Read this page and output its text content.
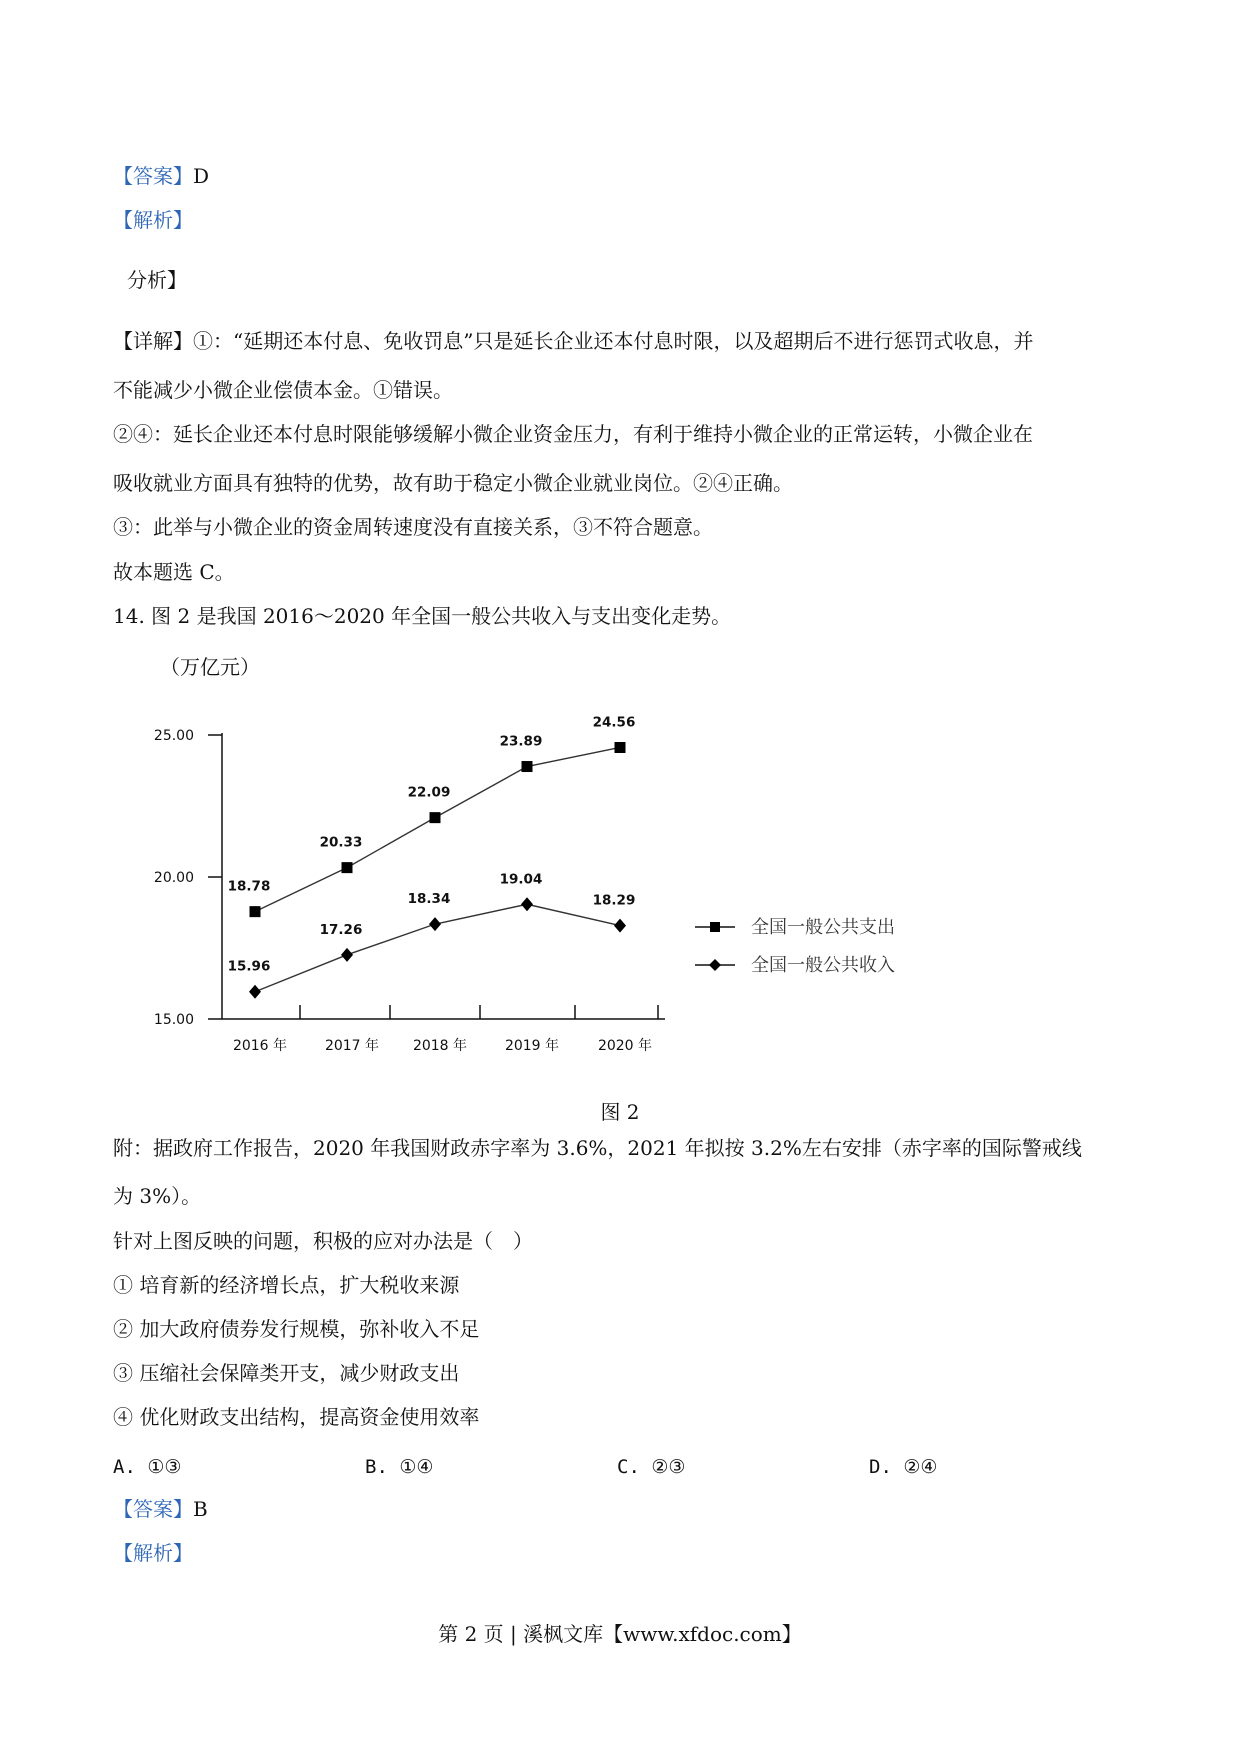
【答案】D
【解析】
分析】
【详解】①：“延期还本付息、免收罚息”只是延长企业还本付息时限，以及超期后不进行惩罚式收息，并
不能减少小微企业偿债本金。①错误。
②④：延长企业还本付息时限能够缓解小微企业资金压力，有利于维持小微企业的正常运转，小微企业在
吸收就业方面具有独特的优势，故有助于稳定小微企业就业岗位。②④正确。
③：此举与小微企业的资金周转速度没有直接关系，③不符合题意。
故本题选 C。
14. 图 2 是我国 2016～2020 年全国一般公共收入与支出变化走势。
（万亿元）
25.00
20.00
15.00
2016 年	2017 年 2018 年	2019 年	2020 年
18.78
20.33
22.09
23.89
24.56
15.96
17.26
18.34
19.04
18.29
全国一般公共支出
全国一般公共收入
图 2
附：据政府工作报告，2020 年我国财政赤字率为 3.6%，2021 年拟按 3.2%左右安排（赤字率的国际警戒线
为 3%）。
针对上图反映的问题，积极的应对办法是（　）
① 培育新的经济增长点，扩大税收来源
② 加大政府债券发行规模，弥补收入不足
③ 压缩社会保障类开支，减少财政支出
④ 优化财政支出结构，提高资金使用效率
A. ①③	B. ①④	C. ②③	D. ②④
【答案】B
【解析】
第 2 页 | 溪枫文库【www.xfdoc.com】
